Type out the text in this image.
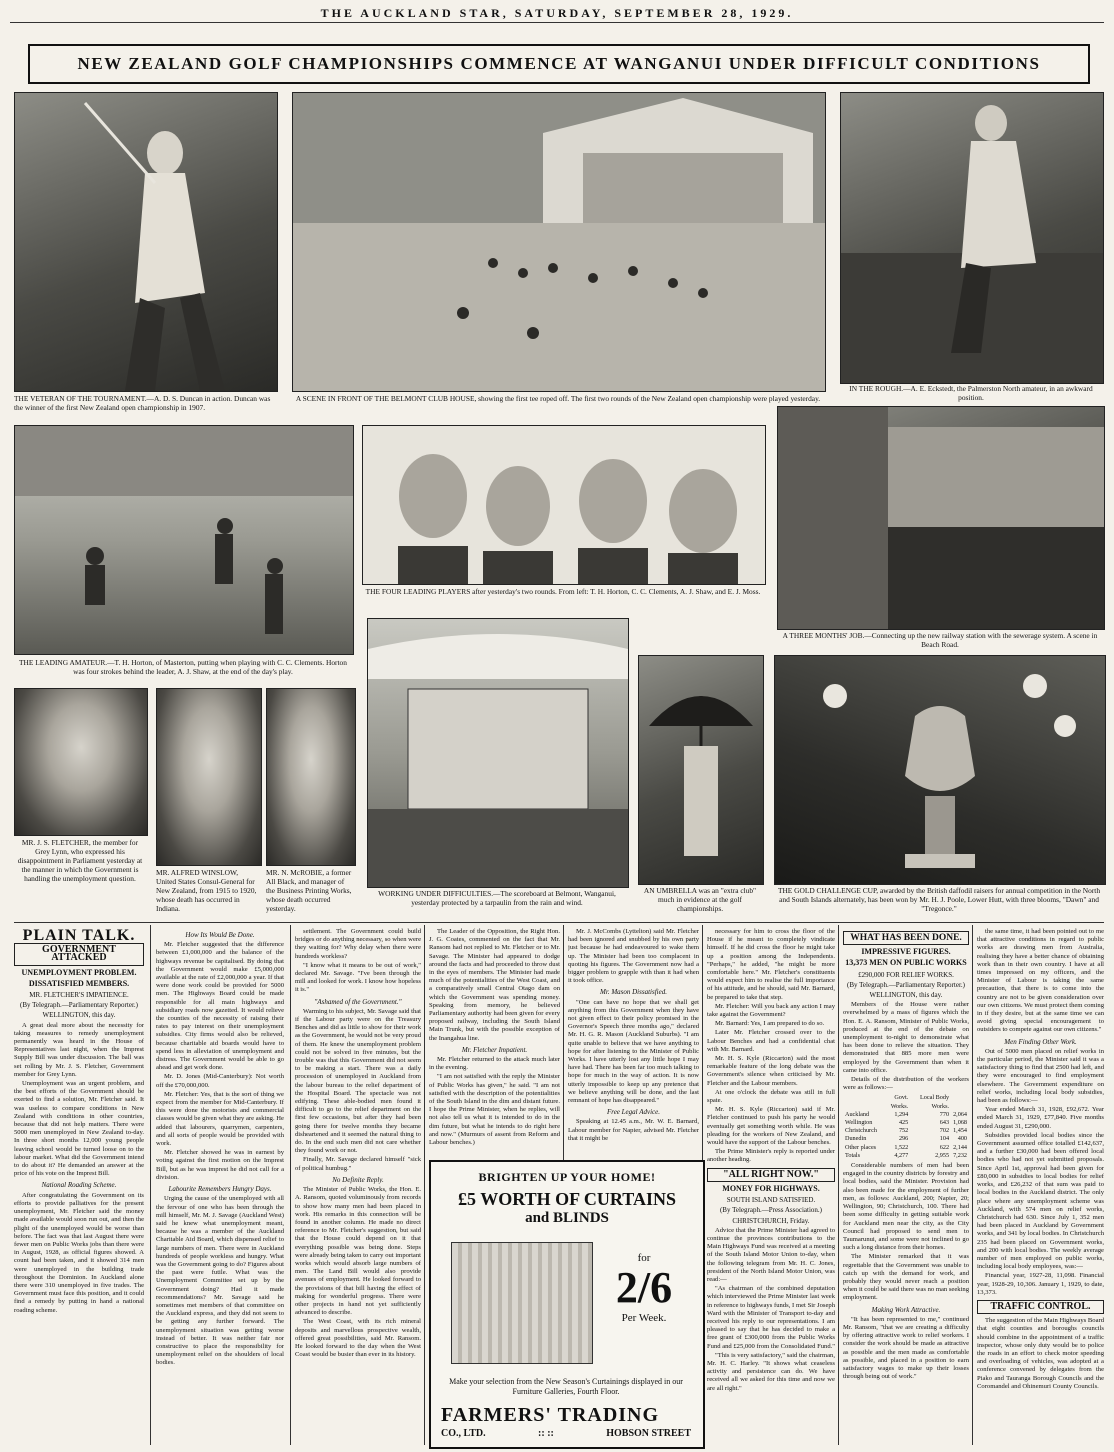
THE AUCKLAND STAR, SATURDAY, SEPTEMBER 28, 1929.
NEW ZEALAND GOLF CHAMPIONSHIPS COMMENCE AT WANGANUI UNDER DIFFICULT CONDITIONS
THE VETERAN OF THE TOURNAMENT.—A. D. S. Duncan in action. Duncan was the winner of the first New Zealand open championship in 1907.
A SCENE IN FRONT OF THE BELMONT CLUB HOUSE, showing the first tee roped off. The first two rounds of the New Zealand open championship were played yesterday.
IN THE ROUGH.—A. E. Eckstedt, the Palmerston North amateur, in an awkward position.
THE LEADING AMATEUR.—T. H. Horton, of Masterton, putting when playing with C. C. Clements. Horton was four strokes behind the leader, A. J. Shaw, at the end of the day's play.
THE FOUR LEADING PLAYERS after yesterday's two rounds. From left: T. H. Horton, C. C. Clements, A. J. Shaw, and E. J. Moss.
A THREE MONTHS' JOB.—Connecting up the new railway station with the sewerage system. A scene in Beach Road.
MR. J. S. FLETCHER, the member for Grey Lynn, who expressed his disappointment in Parliament yesterday at the manner in which the Government is handling the unemployment question.
MR. ALFRED WINSLOW, United States Consul-General for New Zealand, from 1915 to 1920, whose death has occurred in Indiana.
MR. N. McROBIE, a former All Black, and manager of the Business Printing Works, whose death occurred yesterday.
WORKING UNDER DIFFICULTIES.—The scoreboard at Belmont, Wanganui, yesterday protected by a tarpaulin from the rain and wind.
AN UMBRELLA was an "extra club" much in evidence at the golf championships.
THE GOLD CHALLENGE CUP, awarded by the British daffodil raisers for annual competition in the North and South Islands alternately, has been won by Mr. H. J. Poole, Lower Hutt, with three blooms, "Dawn" and "Tregonce."
PLAIN TALK.
GOVERNMENT ATTACKED
UNEMPLOYMENT PROBLEM.
DISSATISFIED MEMBERS.
MR. FLETCHER'S IMPATIENCE.
(By Telegraph.—Parliamentary Reporter.)
WELLINGTON, this day.

A great deal more about the necessity for taking measures to remedy unemployment permanently was heard in the House of Representatives last night, when the Imprest Supply Bill was under discussion. The ball was set rolling by Mr. J. S. Fletcher, Government member for Grey Lynn.

Unemployment was an urgent problem, and the best efforts of the Government should be exerted to find a solution, Mr. Fletcher said. It was useless to compare conditions in New Zealand with conditions in other countries, because that did not help matters. There were 5000 men unemployed in New Zealand to-day. In three short months 12,000 young people leaving school would be turned loose on to the labour market. What did the Government intend to do about it? He demanded an answer at the price of his vote on the Imprest Bill.

National Roading Scheme.

After congratulating the Government on its efforts to provide palliatives for the present unemployment, Mr. Fletcher said the money made available would soon run out, and then the plight of the unemployed would be worse than before. The fact was that last August there were fewer men on Public Works jobs than there were in August, 1928, as official figures showed. A count had been taken, and it showed 314 men were unemployed in the building trade throughout the Dominion. In Auckland alone there were 310 unemployed in five trades. The Government must face this position, and it could find a remedy by putting in hand a national roading scheme.

How Its Would Be Done.

Mr. Fletcher suggested that the difference between £1,000,000 and the balance of the highways revenue be capitalised. By doing that the Government would make £5,000,000 available at the rate of £2,000,000 a year. If that were done work could be provided for 5000 men. The Highways Board could be made responsible for all main highways and subsidiary roads now gazetted. It would relieve the counties of the necessity of raising their rates to pay interest on their unemployment subsidies. City firms would also be relieved, because charitable aid boards would have to spend less in alleviation of unemployment and distress. The Government would be able to go ahead and get work done.

Mr. D. Jones (Mid-Canterbury): Not worth off the £70,000,000.

Mr. Fletcher: Yes, that is the sort of thing we expect from the member for Mid-Canterbury. If this were done the motorists and commercial classes would be given what they are asking. He added that labourers, quarrymen, carpenters, and all sorts of people would be provided with work.

Mr. Fletcher showed he was in earnest by voting against the first motion on the Imprest Bill, but as he was imprest he did not call for a division.

Labourite Remembers Hungry Days.

Urging the cause of the unemployed with all the fervour of one who has been through the mill himself, Mr. M. J. Savage (Auckland West) said he knew what unemployment meant, because he was a member of the Auckland Charitable Aid Board, which dispensed relief to large numbers of men. There were in Auckland hundreds of people workless and hungry. What was the Government going to do? Figures about the past were futile. What was the Unemployment Committee set up by the Government doing? Had it made recommendations? Mr. Savage said he sometimes met members of that committee on the Auckland express, and they did not seem to be getting any further forward. The unemployment situation was getting worse instead of better. It was neither fair nor constructive to place the responsibility for unemployment relief on the shoulders of local bodies.

settlement. The Government could build bridges or do anything necessary, so when were they waiting for? Why delay when there were hundreds workless?

"I know what it means to be out of work," declared Mr. Savage. "I've been through the mill and looked for work. I know how hopeless it is."

"Ashamed of the Government."

Warming to his subject, Mr. Savage said that if the Labour party were on the Treasury Benches and did as little to show for their work as the Government, he would not be very proud of them. He knew the unemployment problem could not be solved in five minutes, but the trouble was that this Government did not seem to be making a start. There was a daily procession of unemployed in Auckland from the labour bureau to the relief department of the Hospital Board. The spectacle was not edifying. These able-bodied men found it difficult to go to the relief department on the first few occasions, but after they had been going there for twelve months they became disheartened and it seemed the natural thing to do. In the end such men did not care whether they found work or not.

Finally, Mr. Savage declared himself "sick of political humbug."

No Definite Reply.

The Minister of Public Works, the Hon. E. A. Ransom, quoted voluminously from records to show how many men had been placed in work. His remarks in this connection will be found in another column. He made no direct reference to Mr. Fletcher's suggestion, but said that the House could depend on it that everything possible was being done. Steps were already being taken to carry out important works which would absorb large numbers of men. The Land Bill would also provide avenues of employment. He looked forward to the provisions of that bill having the effect of making for wonderful progress. There were other projects in hand not yet sufficiently advanced to describe.

The West Coast, with its rich mineral deposits and marvellous prospective wealth, offered great possibilities, said Mr. Ransom. He looked forward to the day when the West Coast would be busier than ever in its history.

The Leader of the Opposition, the Right Hon. J. G. Coates, commented on the fact that Mr. Ransom had not replied to Mr. Fletcher or to Mr. Savage. The Minister had appeared to dodge around the facts and had proceeded to throw dust in the eyes of members. The Minister had made much of the potentialities of the West Coast, and a comparatively small Central Otago dam on which the Government was spending money. Speaking from memory, he believed Parliamentary authority had been given for every proposed railway, including the South Island Main Trunk, but with the possible exception of the Inangahua line.

Mr. Fletcher Impatient.

Mr. Fletcher returned to the attack much later in the evening.

"I am not satisfied with the reply the Minister of Public Works has given," he said. "I am not satisfied with the description of the potentialities of the South Island in the dim and distant future. I hope the Prime Minister, when he replies, will not also tell us what it is intended to do in the dim future, but what he intends to do right here and now." (Murmurs of assent from Reform and Labour benches.)

Mr. J. McCombs (Lyttelton) said Mr. Fletcher had been ignored and snubbed by his own party just because he had endeavoured to wake them up. The Minister had been too complacent in quoting his figures. The Government now had a bigger problem to grapple with than it had when it took office.

Mr. Mason Dissatisfied.

"One can have no hope that we shall get anything from this Government when they have not given effect to their policy promised in the Governor's Speech three months ago," declared Mr. H. G. R. Mason (Auckland Suburbs). "I am quite unable to believe that we have anything to hope for after listening to the Minister of Public Works. I have utterly lost any little hope I may have had. There has been far too much talking to hope for much in the way of action. It is now utterly impossible to keep up any pretence that we believe anything will be done, and the last remnant of hope has disappeared."

Free Legal Advice.

Speaking at 12.45 a.m., Mr. W. E. Barnard, Labour member for Napier, advised Mr. Fletcher that it might be

BRIGHTEN UP YOUR HOME!
£5 WORTH OF CURTAINS
and BLINDS
for
2/6
Per Week.
Make your selection from the New Season's Curtainings displayed in our Furniture Galleries, Fourth Floor.
FARMERS' TRADING
CO., LTD.	:: ::	HOBSON STREET

necessary for him to cross the floor of the House if he meant to completely vindicate himself. If he did cross the floor he might take up a position among the Independents. "Perhaps," he added, "he might be more comfortable here." Mr. Fletcher's constituents would expect him to realise the full importance of his attitude, and he should, said Mr. Barnard, be prepared to take that step.

Mr. Fletcher: Will you back any action I may take against the Government?

Mr. Barnard: Yes, I am prepared to do so.

Later Mr. Fletcher crossed over to the Labour Benches and had a confidential chat with Mr. Barnard.

Mr. H. S. Kyle (Riccarton) said the most remarkable feature of the long debate was the Government's silence when criticised by Mr. Fletcher and the Labour members.

At one o'clock the debate was still in full spate.

Mr. H. S. Kyle (Riccarton) said if Mr. Fletcher continued to push his party he would eventually get something worth while. He was pleading for the workers of New Zealand, and would have the support of the Labour benches.

The Prime Minister's reply is reported under another heading.

"ALL RIGHT NOW."
MONEY FOR HIGHWAYS.
SOUTH ISLAND SATISFIED.
(By Telegraph.—Press Association.)
CHRISTCHURCH, Friday.

Advice that the Prime Minister had agreed to continue the provinces contributions to the Main Highways Fund was received at a meeting of the South Island Motor Union to-day, when the following telegram from Mr. H. C. Jones, president of the North Island Motor Union, was read:—

"As chairman of the combined deputation which interviewed the Prime Minister last week in reference to highways funds, I met Sir Joseph Ward with the Minister of Transport to-day and received his reply to our representations. I am pleased to say that he has decided to make a free grant of £300,000 from the Public Works Fund and £25,000 from the Consolidated Fund."

"This is very satisfactory," said the chairman, Mr. H. C. Harley. "It shows what ceaseless activity and persistence can do. We have received all we asked for this time and now we are all right."

WHAT HAS BEEN DONE.
IMPRESSIVE FIGURES.
13,373 MEN ON PUBLIC WORKS
£290,000 FOR RELIEF WORKS.
(By Telegraph.—Parliamentary Reporter.)
WELLINGTON, this day.

Members of the House were rather overwhelmed by a mass of figures which the Hon. E. A. Ransom, Minister of Public Works, produced at the end of the debate on unemployment to-night to demonstrate what has been done to relieve the situation. They demonstrated that 885 more men were employed by the Government than when it came into office.

Details of the distribution of the workers were as follows:—

	Govt. Works.	Local Body Works.	
Auckland	1,294	770	2,064
Wellington	425	643	1,068
Christchurch	752	702	1,454
Dunedin	296	104	400
Other places	1,522	622	2,144
Totals	4,277	2,955	7,232

Considerable numbers of men had been engaged in the country districts by forestry and local bodies, said the Minister. Provision had also been made for the employment of further men, as follows: Auckland, 200; Napier, 20; Wellington, 90; Christchurch, 100. There had been some difficulty in getting suitable work for Auckland men near the city, as the City Council had proposed to send men to Taumarunui, and some were not inclined to go such a long distance from their homes.

The Minister remarked that it was regrettable that the Government was unable to catch up with the demand for work, and probably they would never reach a position when it could be said there was no man seeking employment.

Making Work Attractive.

"It has been represented to me," continued Mr. Ransom, "that we are creating a difficulty by offering attractive work to relief workers. I consider the work should be made as attractive as possible and the men made as comfortable as possible, and placed in a position to earn satisfactory wages to make up their losses through being out of work."

the same time, it had been pointed out to me that attractive conditions in regard to public works are drawing men from Australia, realising they have a better chance of obtaining work than in their own country. I have at all times impressed on my officers, and the Minister of Labour is taking the same precaution, that there is to come into the country are not to be given consideration over our own citizens. We must protect them coming in if they desire, but at the same time we can avoid giving special encouragement to outsiders to compete against our own citizens."

Men Finding Other Work.

Out of 5000 men placed on relief works in the particular period, the Minister said it was a satisfactory thing to find that 2500 had left, and they were encouraged to find employment elsewhere. The Government expenditure on relief works, including local body subsidies, had been as follows:—

Year ended March 31, 1928, £92,672. Year ended March 31, 1929, £77,840. Five months ended August 31, £290,000.

Subsidies provided local bodies since the Government assumed office totalled £142,637, and a further £30,000 had been offered local bodies who had not yet submitted proposals. Since April 1st, approval had been given for £80,000 in subsidies to local bodies for relief works, and £26,232 of that sum was paid to local bodies in the Auckland district. The only place where any unemployment scheme was Auckland, with 574 men on relief works, Christchurch had 630. Since July 1, 352 men had been placed in Auckland by Government works, and 341 by local bodies. In Christchurch 235 had been placed on Government works, and 200 with local bodies. The weekly average number of men employed on public works, including local body employees, was:—

Financial year, 1927-28, 11,098. Financial year, 1928-29, 10,306. January 1, 1929, to date, 13,373.

TRAFFIC CONTROL.

The suggestion of the Main Highways Board that eight counties and boroughs councils should combine in the appointment of a traffic inspector, whose only duty would be to police the roads in an effort to check motor speeding and overloading of vehicles, was adopted at a conference convened by delegates from the Piako and Tauranga Borough Councils and the Coromandel and Ohinemuri County Councils.
